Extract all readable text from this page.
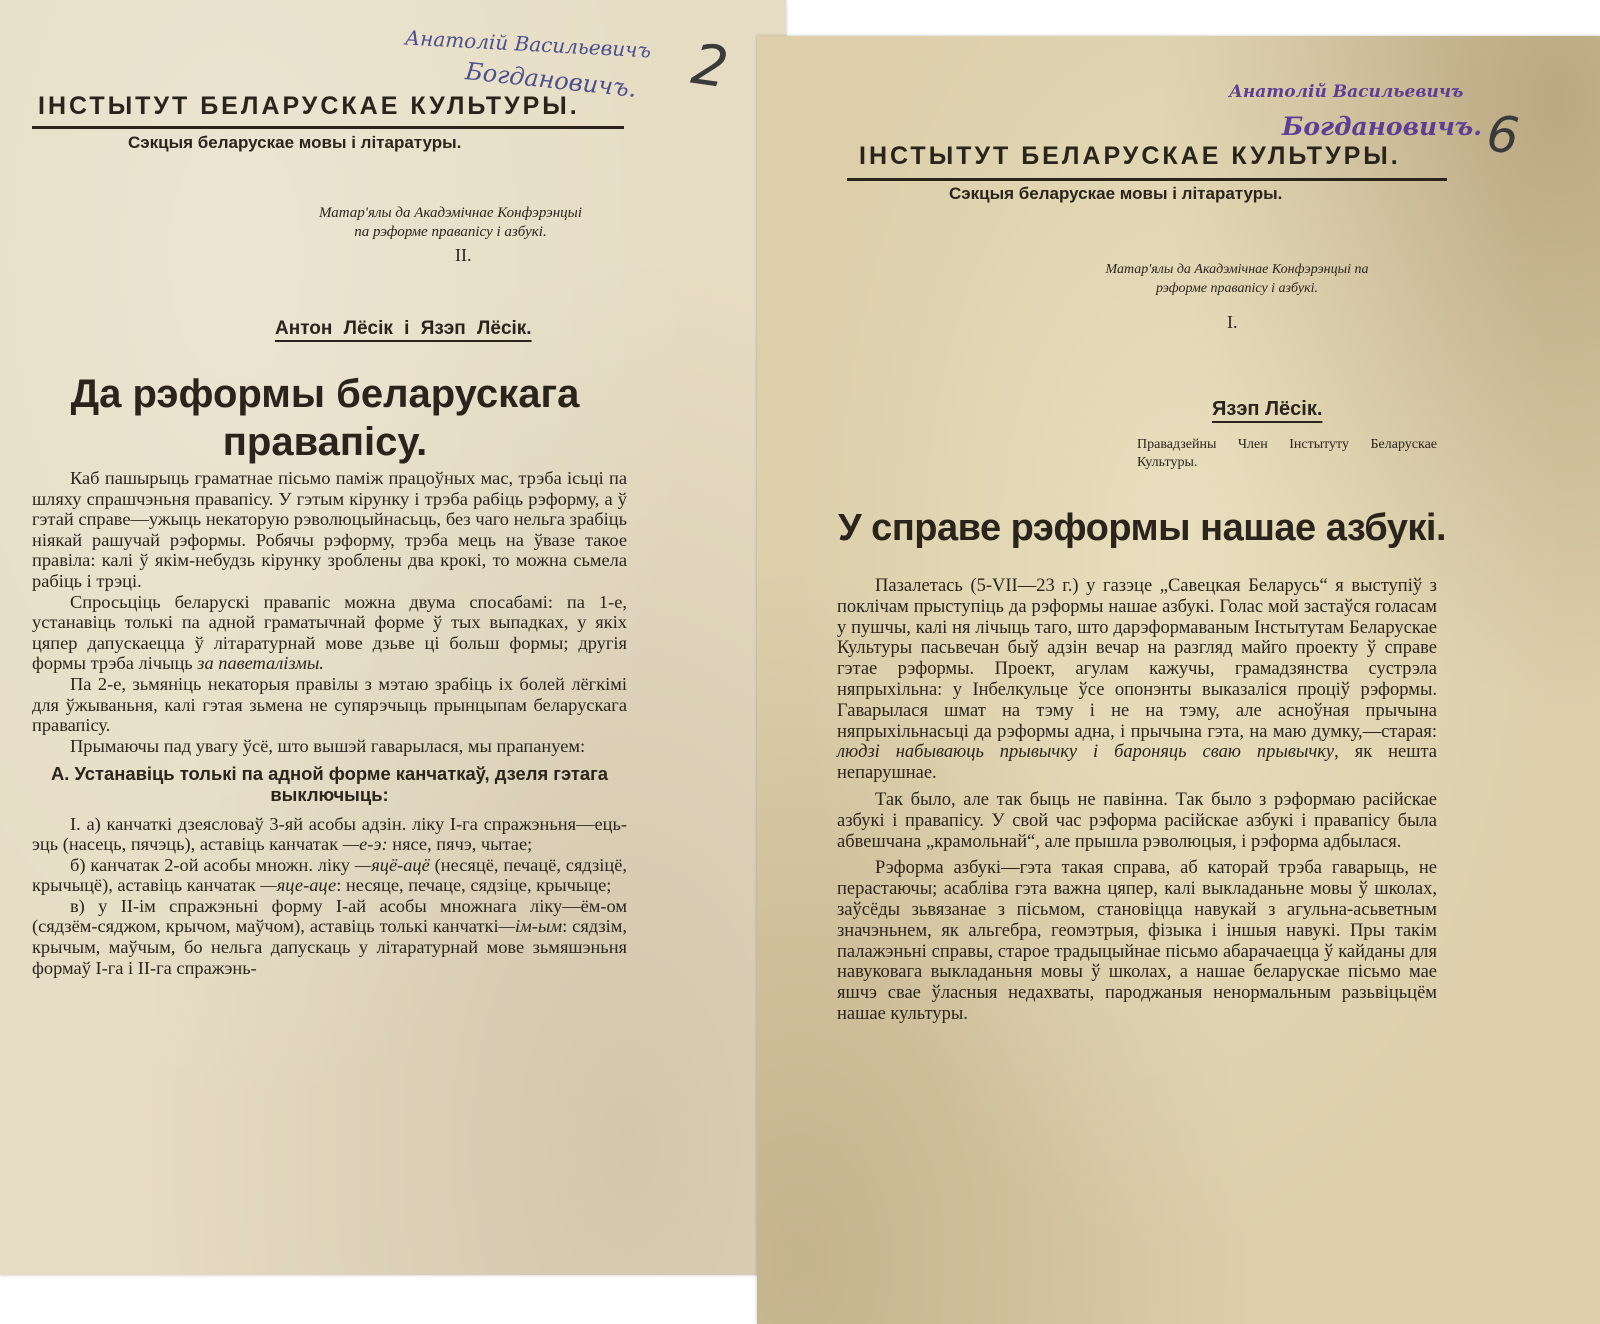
Анатолій Васильевичъ
Богдановичъ. 2
ІНСТЫТУТ БЕЛАРУСКАЕ КУЛЬТУРЫ.
Сэкцыя беларускае мовы і літаратуры.
Матар'ялы да Акадэмічнае Конфэрэнцыі
па рэформе правапісу і азбукі.
II.
Антон Лёсік і Язэп Лёсік.
Да рэформы беларускага
правапісу.

Каб пашырыць граматнае пісьмо паміж працоўных мас, трэба ісьці па шляху спрашчэньня правапісу. У гэтым кірунку і трэба рабіць рэформу, а ў гэтай справе—ужыць некаторую рэволюцыйнасьць, без чаго нельга зрабіць ніякай рашучай рэформы. Робячы рэформу, трэба мець на ўвазе такое правіла: калі ў якім-небудзь кірунку зроблены два крокі, то можна сьмела рабіць і трэці.

Спросьціць беларускі правапіс можна двума спосабамі: па 1-е, устанавіць толькі па адной граматычнай форме ў тых выпадках, у якіх цяпер дапускаецца ў літаратурнай мове дзьве ці больш формы; другія формы трэба лічыць за паветалізмы.

Па 2-е, зьмяніць некаторыя правілы з мэтаю зрабіць іх болей лёгкімі для ўжываньня, калі гэтая зьмена не супярэчыць прынцыпам беларускага правапісу.

Прымаючы пад увагу ўсё, што вышэй гаварылася, мы прапануем:

А. Устанавіць толькі па адной форме канчаткаў, дзеля гэтага выключыць:

I. а) канчаткі дзеясловаў 3-яй асобы адзін. ліку I-га спражэньня—ець-эць (насець, пячэць), аставіць канчатак —е-э: нясе, пячэ, чытае;

б) канчатак 2-ой асобы множн. ліку —яцё-ацё (несяцё, печацё, сядзіцё, крычыцё), аставіць канчатак —яце-аце: несяце, печаце, сядзіце, крычыце;

в) у II-ім спражэньні форму I-ай асобы множнага ліку—ём-ом (сядзём-сяджом, крычом, маўчом), аставіць толькі канчаткі—ім-ым: сядзім, крычым, маўчым, бо нельга дапускаць у літаратурнай мове зьмяшэньня формаў I-га і II-га спражэнь-

Анатолій Васильевичъ
Богдановичъ. 6
ІНСТЫТУТ БЕЛАРУСКАЕ КУЛЬТУРЫ.
Сэкцыя беларускае мовы і літаратуры.
Матар'ялы да Акадэмічнае Конфэрэнцыі па
рэформе правапісу і азбукі.
I.
Язэп Лёсік.
Правадзейны Член Інстытуту Беларускае Культуры.
У справе рэформы нашае азбукі.

Пазалетась (5-VII—23 г.) у газэце „Савецкая Беларусь“ я выступіў з поклічам прыступіць да рэформы нашае азбукі. Голас мой застаўся голасам у пушчы, калі ня лічыць таго, што дарэформаваным Інстытутам Беларускае Культуры пасьвечан быў адзін вечар на разгляд майго проекту ў справе гэтае рэформы. Проект, агулам кажучы, грамадзянства сустрэла няпрыхільна: у Інбелкульце ўсе опонэнты выказаліся проціў рэформы. Гаварылася шмат на тэму і не на тэму, але асноўная прычына няпрыхільнасьці да рэформы адна, і прычына гэта, на маю думку,—старая: людзі набываюць прывычку і бароняць сваю прывычку, як нешта непарушнае.

Так было, але так быць не павінна. Так было з рэформаю расійскае азбукі і правапісу. У свой час рэформа расійскае азбукі і правапісу была абвешчана „крамольнай“, але прышла рэволюцыя, і рэформа адбылася.

Рэформа азбукі—гэта такая справа, аб каторай трэба гаварыць, не перастаючы; асабліва гэта важна цяпер, калі выкладаньне мовы ў школах, заўсёды зьвязанае з пісьмом, становіцца навукай з агульна-асьветным значэньнем, як альгебра, геомэтрыя, фізыка і іншыя навукі. Пры такім палажэньні справы, старое традыцыйнае пісьмо абарачаецца ў кайданы для навуковага выкладаньня мовы ў школах, а нашае беларускае пісьмо мае яшчэ свае ўласныя недахваты, пароджаныя ненормальным разьвіцьцём нашае культуры.
